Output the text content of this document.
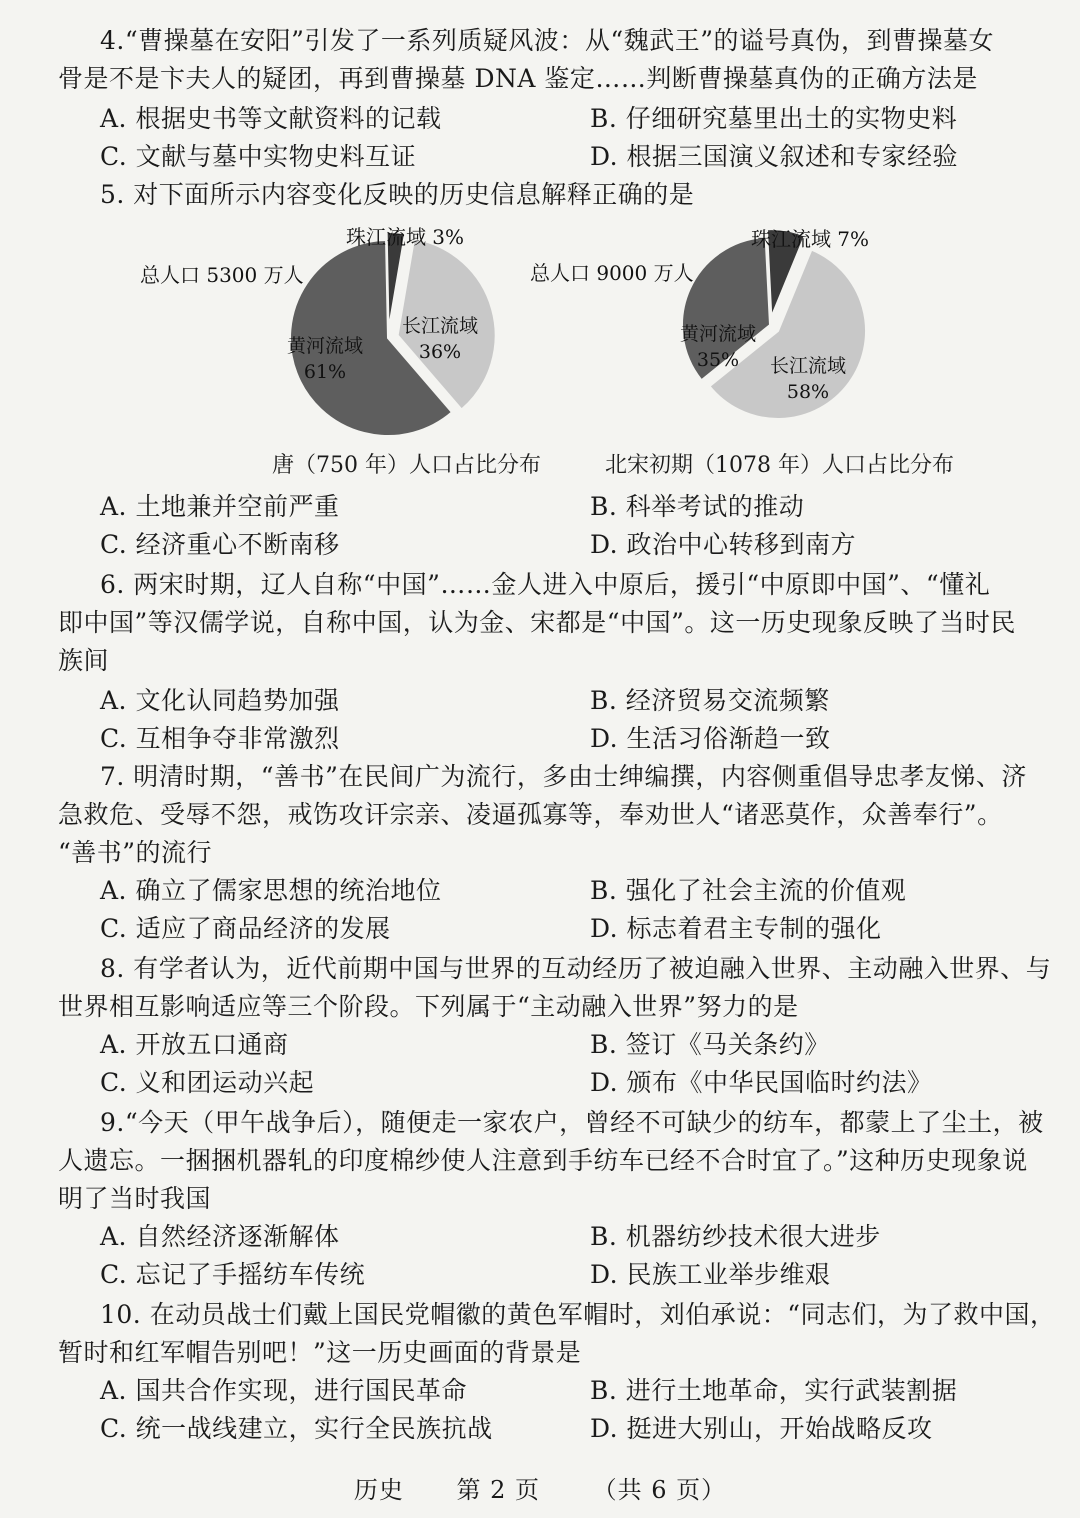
4.“曹操墓在安阳”引发了一系列质疑风波：从“魏武王”的谥号真伪，到曹操墓女
骨是不是卞夫人的疑团，再到曹操墓 DNA 鉴定……判断曹操墓真伪的正确方法是
A. 根据史书等文献资料的记载	B. 仔细研究墓里出土的实物史料
C. 文献与墓中实物史料互证	D. 根据三国演义叙述和专家经验
5. 对下面所示内容变化反映的历史信息解释正确的是
总人口 5300 万人
珠江流域 3%
长江流域
36%
黄河流域
61%
总人口 9000 万人
珠江流域 7%
长江流域
58%
黄河流域
35%
唐（750 年）人口占比分布	北宋初期（1078 年）人口占比分布
A. 土地兼并空前严重	B. 科举考试的推动
C. 经济重心不断南移	D. 政治中心转移到南方
6. 两宋时期，辽人自称“中国”……金人进入中原后，援引“中原即中国”、“懂礼
即中国”等汉儒学说，自称中国，认为金、宋都是“中国”。这一历史现象反映了当时民
族间
A. 文化认同趋势加强	B. 经济贸易交流频繁
C. 互相争夺非常激烈	D. 生活习俗渐趋一致
7. 明清时期，“善书”在民间广为流行，多由士绅编撰，内容侧重倡导忠孝友悌、济
急救危、受辱不怨，戒饬攻讦宗亲、凌逼孤寡等，奉劝世人“诸恶莫作，众善奉行”。
“善书”的流行
A. 确立了儒家思想的统治地位	B. 强化了社会主流的价值观
C. 适应了商品经济的发展	D. 标志着君主专制的强化
8. 有学者认为，近代前期中国与世界的互动经历了被迫融入世界、主动融入世界、与
世界相互影响适应等三个阶段。下列属于“主动融入世界”努力的是
A. 开放五口通商	B. 签订《马关条约》
C. 义和团运动兴起	D. 颁布《中华民国临时约法》
9.“今天（甲午战争后），随便走一家农户，曾经不可缺少的纺车，都蒙上了尘土，被
人遗忘。一捆捆机器轧的印度棉纱使人注意到手纺车已经不合时宜了。”这种历史现象说
明了当时我国
A. 自然经济逐渐解体	B. 机器纺纱技术很大进步
C. 忘记了手摇纺车传统	D. 民族工业举步维艰
10. 在动员战士们戴上国民党帽徽的黄色军帽时，刘伯承说：“同志们，为了救中国，
暂时和红军帽告别吧！”这一历史画面的背景是
A. 国共合作实现，进行国民革命	B. 进行土地革命，实行武装割据
C. 统一战线建立，实行全民族抗战	D. 挺进大别山，开始战略反攻
历史 第 2 页 （共 6 页）
